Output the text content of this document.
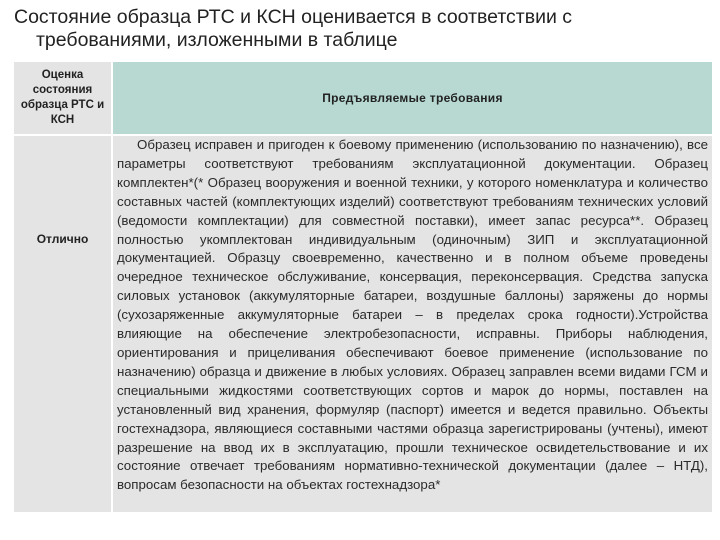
Состояние образца РТС и КСН оценивается в соответствии с
требованиями, изложенными в таблице
Оценка состояния образца РТС и КСН
Предъявляемые требования
Отлично

Образец исправен и пригоден к боевому применению (использованию по назначению), все параметры соответствуют требованиям эксплуатационной документации. Образец комплектен*(* Образец вооружения и военной техники, у которого номенклатура и количество составных частей (комплектующих изделий) соответствуют требованиям технических условий (ведомости комплектации) для совместной поставки), имеет запас ресурса**. Образец полностью укомплектован индивидуальным (одиночным) ЗИП и эксплуатационной документацией. Образцу своевременно, качественно и в полном объеме проведены очередное техническое обслуживание, консервация, переконсервация. Средства запуска силовых установок (аккумуляторные батареи, воздушные баллоны) заряжены до нормы (сухозаряженные аккумуляторные батареи – в пределах срока годности).Устройства влияющие на обеспечение электробезопасности, исправны. Приборы наблюдения, ориентирования и прицеливания обеспечивают боевое применение (использование по назначению) образца и движение в любых условиях. Образец заправлен всеми видами ГСМ и специальными жидкостями соответствующих сортов и марок до нормы, поставлен на установленный вид хранения, формуляр (паспорт) имеется и ведется правильно. Объекты гостехнадзора, являющиеся составными частями образца зарегистрированы (учтены), имеют разрешение на ввод их в эксплуатацию, прошли техническое освидетельствование и их состояние отвечает требованиям нормативно-технической документации (далее – НТД), вопросам безопасности на объектах гостехнадзора*
